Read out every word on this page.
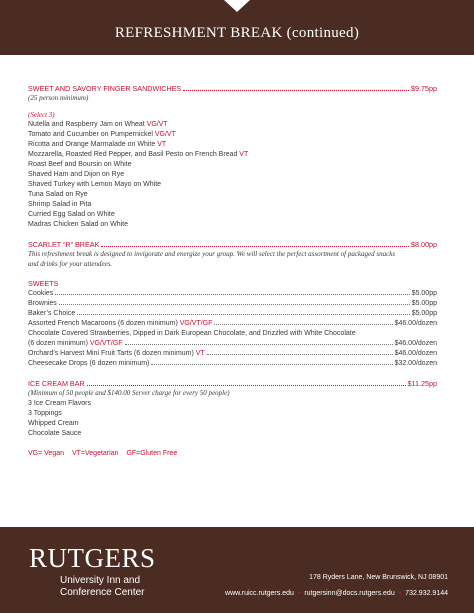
REFRESHMENT BREAK (continued)
SWEET AND SAVORY FINGER SANDWICHES	$9.75pp
(25 person minimum)
(Select 3)
Nutella and Raspberry Jam on Wheat VG/VT
Tomato and Cucumber on Pumpernickel VG/VT
Ricotta and Orange Marmalade on White VT
Mozzarella, Roasted Red Pepper, and Basil Pesto on French Bread VT
Roast Beef and Boursin on White
Shaved Ham and Dijon on Rye
Shaved Turkey with Lemon Mayo on White
Tuna Salad on Rye
Shrimp Salad in Pita
Curried Egg Salad on White
Madras Chicken Salad on White
SCARLET “R” BREAK	$8.00pp
This refreshment break is designed to invigorate and energize your group. We will select the perfect assortment of packaged snacks
and drinks for your attendees.
SWEETS
Cookies	$5.00pp
Brownies	$5.00pp
Baker’s Choice	$5.00pp
Assorted French Macaroons (6 dozen minimum) VG/VT/GF	$46.00/dozen
Chocolate Covered Strawberries, Dipped in Dark European Chocolate, and Drizzled with White Chocolate
(6 dozen minimum) VG/VT/GF	$46.00/dozen
Orchard’s Harvest Mini Fruit Tarts (6 dozen minimum) VT	$46.00/dozen
Cheesecake Drops (6 dozen minimum)	$32.00/dozen
ICE CREAM BAR	$11.25pp
(Minimum of 50 people and $140.00 Server charge for every 50 people)
3 Ice Cream Flavors
3 Toppings
Whipped Cream
Chocolate Sauce
VG= Vegan VT=Vegetarian GF=Gluten Free
RUTGERS
University Inn and
Conference Center
178 Ryders Lane, New Brunswick, NJ 08901
www.ruicc.rutgers.edu • rutgersinn@docs.rutgers.edu • 732.932.9144
